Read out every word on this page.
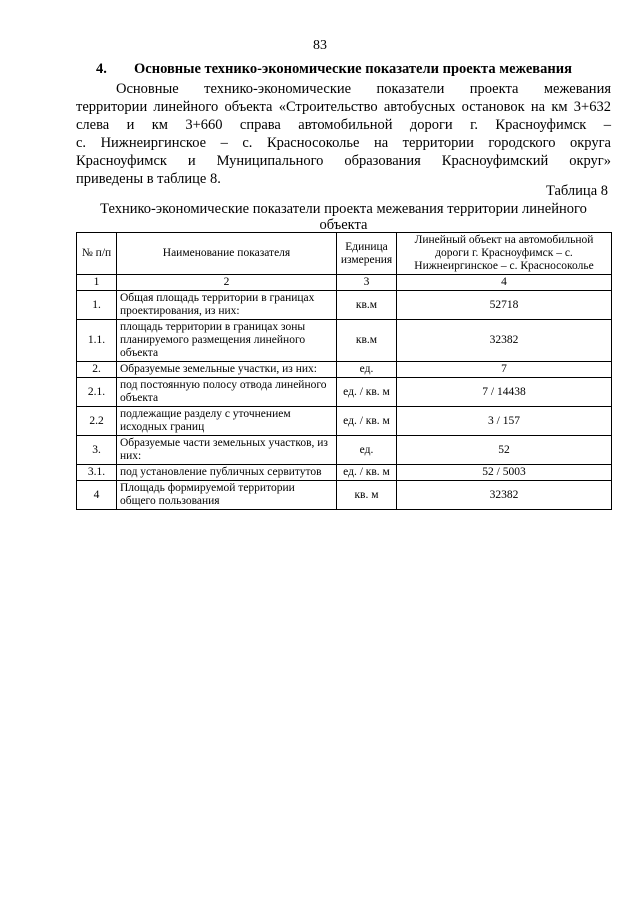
83
4. Основные технико-экономические показатели проекта межевания
Основные технико-экономические показатели проекта межевания
территории линейного объекта «Строительство автобусных остановок на км 3+632
слева и км 3+660 справа автомобильной дороги г. Красноуфимск –
с. Нижнеиргинское – с. Красносоколье на территории городского округа
Красноуфимск и Муниципального образования Красноуфимский округ»
приведены в таблице 8.
Таблица 8
Технико-экономические показатели проекта межевания территории линейного объекта
№ п/п	Наименование показателя	Единица измерения	Линейный объект на автомобильной дороги г. Красноуфимск – с. Нижнеиргинское – с. Красносоколье
1	2	3	4
1.	Общая площадь территории в границах проектирования, из них:	кв.м	52718
1.1.	площадь территории в границах зоны планируемого размещения линейного объекта	кв.м	32382
2.	Образуемые земельные участки, из них:	ед.	7
2.1.	под постоянную полосу отвода линейного объекта	ед. / кв. м	7 / 14438
2.2	подлежащие разделу с уточнением исходных границ	ед. / кв. м	3 / 157
3.	Образуемые части земельных участков, из них:	ед.	52
3.1.	под установление публичных сервитутов	ед. / кв. м	52 / 5003
4	Площадь формируемой территории общего пользования	кв. м	32382
